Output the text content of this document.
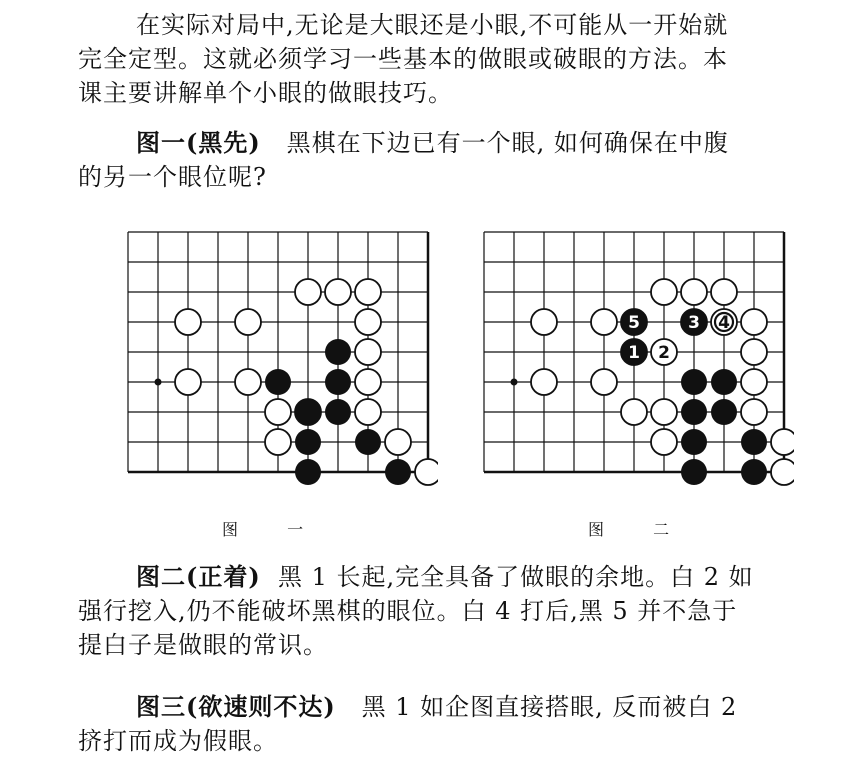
在实际对局中,无论是大眼还是小眼,不可能从一开始就
完全定型。这就必须学习一些基本的做眼或破眼的方法。本
课主要讲解单个小眼的做眼技巧。
图一(黑先) 黑棋在下边已有一个眼, 如何确保在中腹
的另一个眼位呢?
5	3 4
1 2
图 一	图 二
图二(正着) 黑 1 长起,完全具备了做眼的余地。白 2 如
强行挖入,仍不能破坏黑棋的眼位。白 4 打后,黑 5 并不急于
提白子是做眼的常识。
图三(欲速则不达) 黑 1 如企图直接搭眼, 反而被白 2
挤打而成为假眼。
